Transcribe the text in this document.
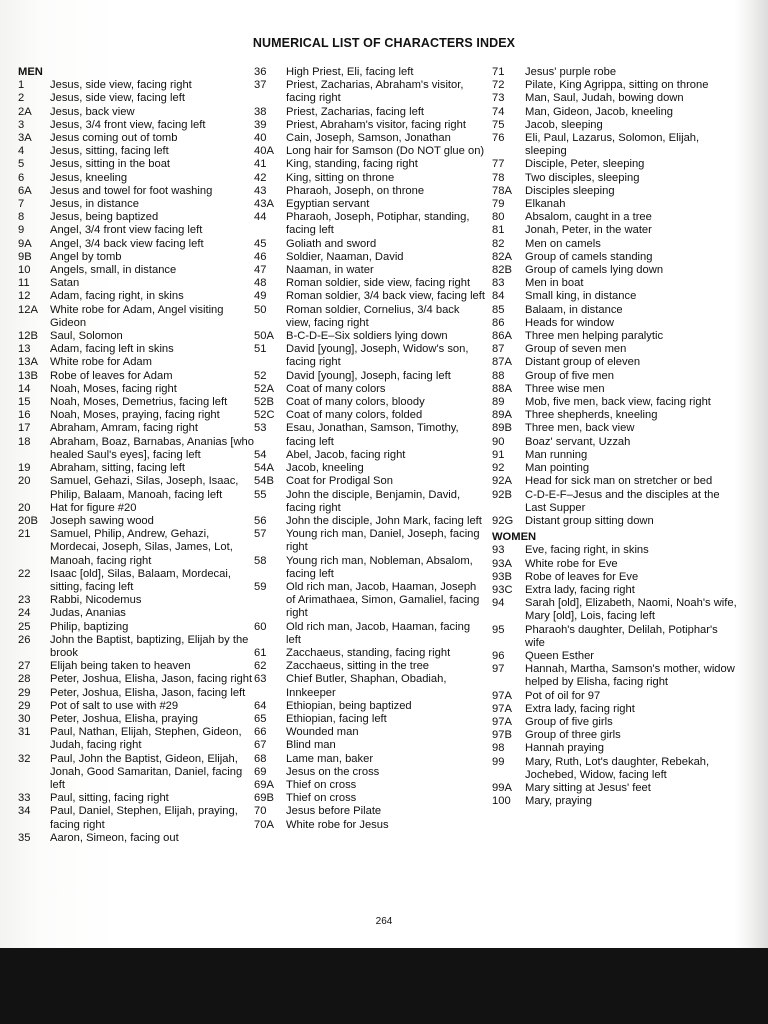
NUMERICAL LIST OF CHARACTERS INDEX
MEN
1	Jesus, side view, facing right
2	Jesus, side view, facing left
2A	Jesus, back view
3	Jesus, 3/4 front view, facing left
3A	Jesus coming out of tomb
4	Jesus, sitting, facing left
5	Jesus, sitting in the boat
6	Jesus, kneeling
6A	Jesus and towel for foot washing
7	Jesus, in distance
8	Jesus, being baptized
9	Angel, 3/4 front view facing left
9A	Angel, 3/4 back view facing left
9B	Angel by tomb
10	Angels, small, in distance
11	Satan
12	Adam, facing right, in skins
12A	White robe for Adam, Angel visiting Gideon
12B	Saul, Solomon
13	Adam, facing left in skins
13A	White robe for Adam
13B	Robe of leaves for Adam
14	Noah, Moses, facing right
15	Noah, Moses, Demetrius, facing left
16	Noah, Moses, praying, facing right
17	Abraham, Amram, facing right
18	Abraham, Boaz, Barnabas, Ananias [who healed Saul's eyes], facing left
19	Abraham, sitting, facing left
20	Samuel, Gehazi, Silas, Joseph, Isaac, Philip, Balaam, Manoah, facing left
20	Hat for figure #20
20B	Joseph sawing wood
21	Samuel, Philip, Andrew, Gehazi, Mordecai, Joseph, Silas, James, Lot, Manoah, facing right
22	Isaac [old], Silas, Balaam, Mordecai, sitting, facing left
23	Rabbi, Nicodemus
24	Judas, Ananias
25	Philip, baptizing
26	John the Baptist, baptizing, Elijah by the brook
27	Elijah being taken to heaven
28	Peter, Joshua, Elisha, Jason, facing right
29	Peter, Joshua, Elisha, Jason, facing left
29	Pot of salt to use with #29
30	Peter, Joshua, Elisha, praying
31	Paul, Nathan, Elijah, Stephen, Gideon, Judah, facing right
32	Paul, John the Baptist, Gideon, Elijah, Jonah, Good Samaritan, Daniel, facing left
33	Paul, sitting, facing right
34	Paul, Daniel, Stephen, Elijah, praying, facing right
35	Aaron, Simeon, facing out
36	High Priest, Eli, facing left
37	Priest, Zacharias, Abraham's visitor, facing right
38	Priest, Zacharias, facing left
39	Priest, Abraham's visitor, facing right
40	Cain, Joseph, Samson, Jonathan
40A	Long hair for Samson (Do NOT glue on)
41	King, standing, facing right
42	King, sitting on throne
43	Pharaoh, Joseph, on throne
43A	Egyptian servant
44	Pharaoh, Joseph, Potiphar, standing, facing left
45	Goliath and sword
46	Soldier, Naaman, David
47	Naaman, in water
48	Roman soldier, side view, facing right
49	Roman soldier, 3/4 back view, facing left
50	Roman soldier, Cornelius, 3/4 back view, facing right
50A	B-C-D-E–Six soldiers lying down
51	David [young], Joseph, Widow's son, facing right
52	David [young], Joseph, facing left
52A	Coat of many colors
52B	Coat of many colors, bloody
52C	Coat of many colors, folded
53	Esau, Jonathan, Samson, Timothy, facing left
54	Abel, Jacob, facing right
54A	Jacob, kneeling
54B	Coat for Prodigal Son
55	John the disciple, Benjamin, David, facing right
56	John the disciple, John Mark, facing left
57	Young rich man, Daniel, Joseph, facing right
58	Young rich man, Nobleman, Absalom, facing left
59	Old rich man, Jacob, Haaman, Joseph of Arimathaea, Simon, Gamaliel, facing right
60	Old rich man, Jacob, Haaman, facing left
61	Zacchaeus, standing, facing right
62	Zacchaeus, sitting in the tree
63	Chief Butler, Shaphan, Obadiah, Innkeeper
64	Ethiopian, being baptized
65	Ethiopian, facing left
66	Wounded man
67	Blind man
68	Lame man, baker
69	Jesus on the cross
69A	Thief on cross
69B	Thief on cross
70	Jesus before Pilate
70A	White robe for Jesus
71	Jesus' purple robe
72	Pilate, King Agrippa, sitting on throne
73	Man, Saul, Judah, bowing down
74	Man, Gideon, Jacob, kneeling
75	Jacob, sleeping
76	Eli, Paul, Lazarus, Solomon, Elijah, sleeping
77	Disciple, Peter, sleeping
78	Two disciples, sleeping
78A	Disciples sleeping
79	Elkanah
80	Absalom, caught in a tree
81	Jonah, Peter, in the water
82	Men on camels
82A	Group of camels standing
82B	Group of camels lying down
83	Men in boat
84	Small king, in distance
85	Balaam, in distance
86	Heads for window
86A	Three men helping paralytic
87	Group of seven men
87A	Distant group of eleven
88	Group of five men
88A	Three wise men
89	Mob, five men, back view, facing right
89A	Three shepherds, kneeling
89B	Three men, back view
90	Boaz' servant, Uzzah
91	Man running
92	Man pointing
92A	Head for sick man on stretcher or bed
92B	C-D-E-F–Jesus and the disciples at the Last Supper
92G	Distant group sitting down
WOMEN
93	Eve, facing right, in skins
93A	White robe for Eve
93B	Robe of leaves for Eve
93C	Extra lady, facing right
94	Sarah [old], Elizabeth, Naomi, Noah's wife, Mary [old], Lois, facing left
95	Pharaoh's daughter, Delilah, Potiphar's wife
96	Queen Esther
97	Hannah, Martha, Samson's mother, widow helped by Elisha, facing right
97A	Pot of oil for 97
97A	Extra lady, facing right
97A	Group of five girls
97B	Group of three girls
98	Hannah praying
99	Mary, Ruth, Lot's daughter, Rebekah, Jochebed, Widow, facing left
99A	Mary sitting at Jesus' feet
100	Mary, praying
264
